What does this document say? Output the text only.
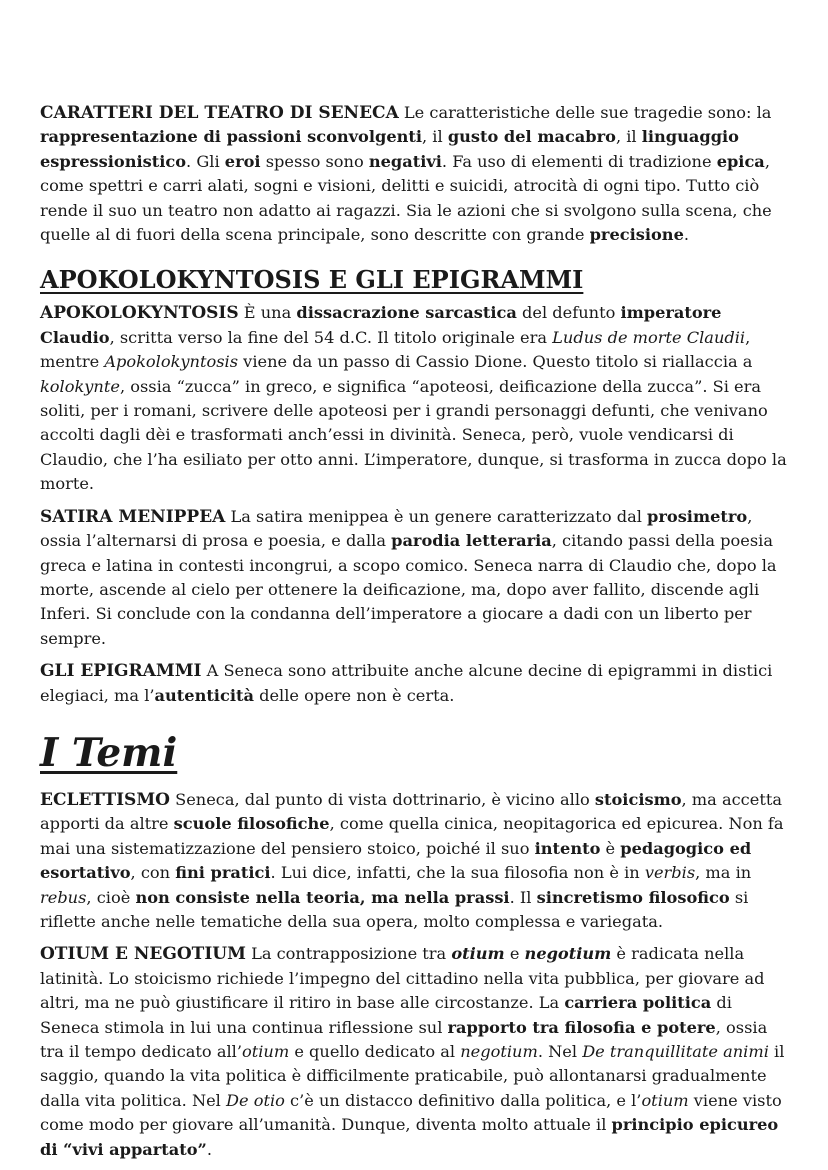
CARATTERI DEL TEATRO DI SENECA Le caratteristiche delle sue tragedie sono: la rappresentazione di passioni sconvolgenti, il gusto del macabro, il linguaggio espressionistico. Gli eroi spesso sono negativi. Fa uso di elementi di tradizione epica, come spettri e carri alati, sogni e visioni, delitti e suicidi, atrocità di ogni tipo. Tutto ciò rende il suo un teatro non adatto ai ragazzi. Sia le azioni che si svolgono sulla scena, che quelle al di fuori della scena principale, sono descritte con grande precisione.

APOKOLOKYNTOSIS E GLI EPIGRAMMI

APOKOLOKYNTOSIS È una dissacrazione sarcastica del defunto imperatore Claudio, scritta verso la fine del 54 d.C. Il titolo originale era Ludus de morte Claudii, mentre Apokolokyntosis viene da un passo di Cassio Dione. Questo titolo si riallaccia a kolokynte, ossia “zucca” in greco, e significa “apoteosi, deificazione della zucca”. Si era soliti, per i romani, scrivere delle apoteosi per i grandi personaggi defunti, che venivano accolti dagli dèi e trasformati anch’essi in divinità. Seneca, però, vuole vendicarsi di Claudio, che l’ha esiliato per otto anni. L’imperatore, dunque, si trasforma in zucca dopo la morte.

SATIRA MENIPPEA La satira menippea è un genere caratterizzato dal prosimetro, ossia l’alternarsi di prosa e poesia, e dalla parodia letteraria, citando passi della poesia greca e latina in contesti incongrui, a scopo comico. Seneca narra di Claudio che, dopo la morte, ascende al cielo per ottenere la deificazione, ma, dopo aver fallito, discende agli Inferi. Si conclude con la condanna dell’imperatore a giocare a dadi con un liberto per sempre.

GLI EPIGRAMMI A Seneca sono attribuite anche alcune decine di epigrammi in distici elegiaci, ma l’autenticità delle opere non è certa.

I Temi

ECLETTISMO Seneca, dal punto di vista dottrinario, è vicino allo stoicismo, ma accetta apporti da altre scuole filosofiche, come quella cinica, neopitagorica ed epicurea. Non fa mai una sistematizzazione del pensiero stoico, poiché il suo intento è pedagogico ed esortativo, con fini pratici. Lui dice, infatti, che la sua filosofia non è in verbis, ma in rebus, cioè non consiste nella teoria, ma nella prassi. Il sincretismo filosofico si riflette anche nelle tematiche della sua opera, molto complessa e variegata.

OTIUM E NEGOTIUM La contrapposizione tra otium e negotium è radicata nella latinità. Lo stoicismo richiede l’impegno del cittadino nella vita pubblica, per giovare ad altri, ma ne può giustificare il ritiro in base alle circostanze. La carriera politica di Seneca stimola in lui una continua riflessione sul rapporto tra filosofia e potere, ossia tra il tempo dedicato all’otium e quello dedicato al negotium. Nel De tranquillitate animi il saggio, quando la vita politica è difficilmente praticabile, può allontanarsi gradualmente dalla vita politica. Nel De otio c’è un distacco definitivo dalla politica, e l’otium viene visto come modo per giovare all’umanità. Dunque, diventa molto attuale il principio epicureo di “vivi appartato”.
